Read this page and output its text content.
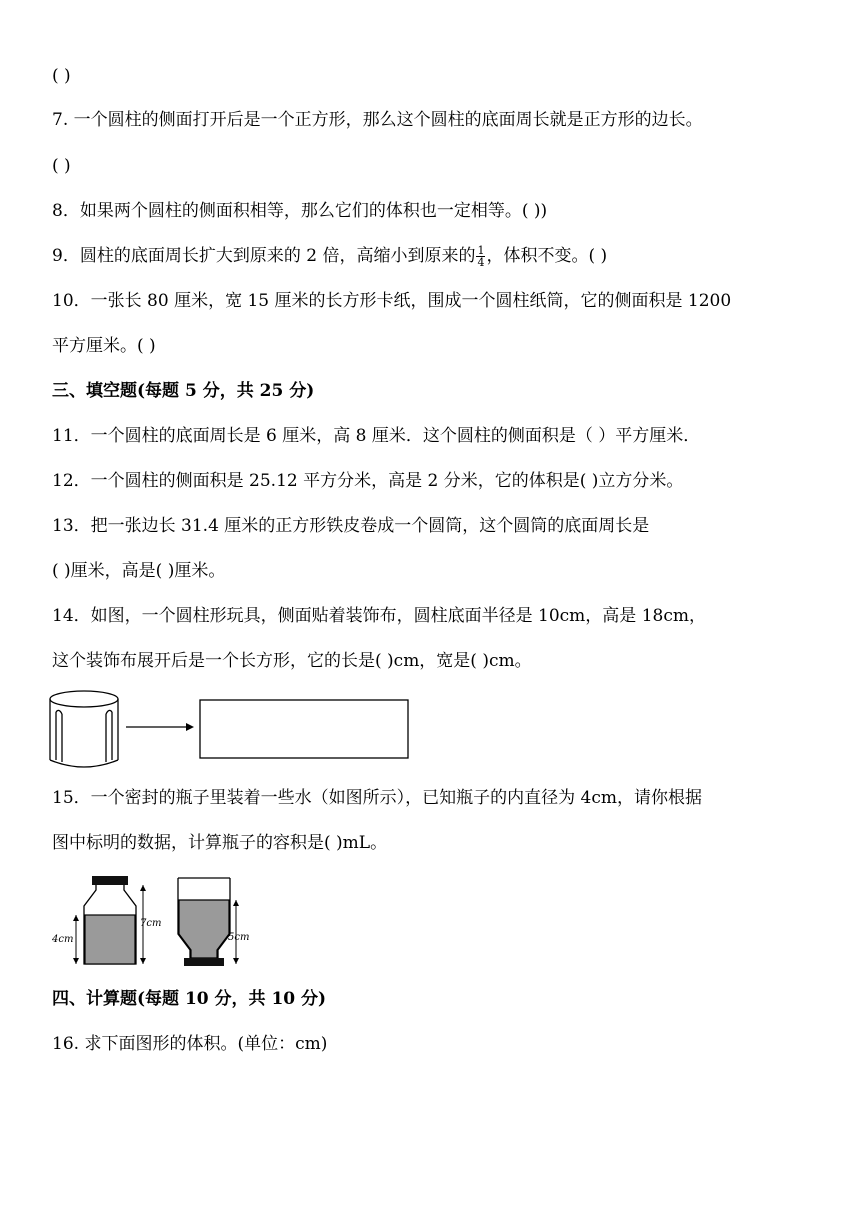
( )
7. 一个圆柱的侧面打开后是一个正方形，那么这个圆柱的底面周长就是正方形的边长。
( )
8．如果两个圆柱的侧面积相等，那么它们的体积也一定相等。( ))
9．圆柱的底面周长扩大到原来的 2 倍，高缩小到原来的 $\frac{1}{4}$ ，体积不变。( )
10．一张长 80 厘米，宽 15 厘米的长方形卡纸，围成一个圆柱纸筒，它的侧面积是 1200
平方厘米。( )
三、填空题(每题 5 分，共 25 分)
11．一个圆柱的底面周长是 6 厘米，高 8 厘米．这个圆柱的侧面积是（ ）平方厘米．
12．一个圆柱的侧面积是 25.12 平方分米，高是 2 分米，它的体积是( )立方分米。
13．把一张边长 31.4 厘米的正方形铁皮卷成一个圆筒，这个圆筒的底面周长是
( )厘米，高是( )厘米。
14．如图，一个圆柱形玩具，侧面贴着装饰布，圆柱底面半径是 10cm，高是 18cm，
这个装饰布展开后是一个长方形，它的长是( )cm，宽是( )cm。
15．一个密封的瓶子里装着一些水（如图所示），已知瓶子的内直径为 4cm，请你根据
图中标明的数据，计算瓶子的容积是( )mL。
4cm
7cm
5cm
四、计算题(每题 10 分，共 10 分)
16. 求下面图形的体积。(单位：cm)
